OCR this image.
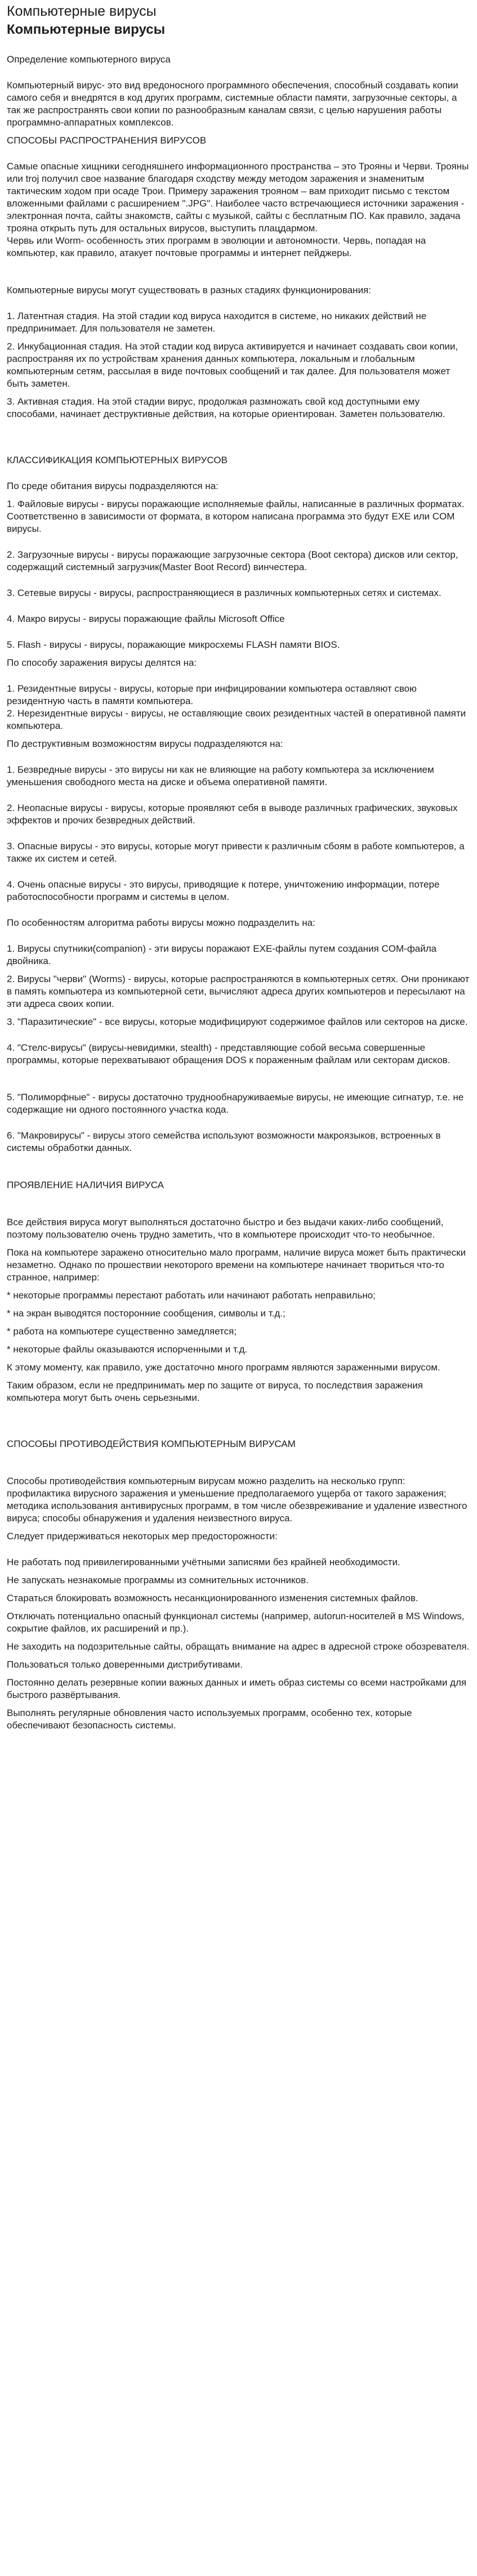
Компьютерные вирусы
Компьютерные вирусы

Определение компьютерного вируса

Компьютерный вирус- это вид вредоносного программного обеспечения, способный создавать копии самого себя и внедрятся в код других программ, системные области памяти, загрузочные секторы, а так же распространять свои копии по разнообразным каналам связи, с целью нарушения работы программно-аппаратных комплексов.

СПОСОБЫ РАСПРОСТРАНЕНИЯ ВИРУСОВ

Самые опасные хищники сегодняшнего информационного пространства – это Трояны и Черви. Трояны или troj получил свое название благодаря сходству между методом заражения и знаменитым тактическим ходом при осаде Трои. Примеру заражения трояном – вам приходит письмо с текстом вложенными файлами с расширением ".JPG". Наиболее часто встречающиеся источники заражения - электронная почта, сайты знакомств, сайты с музыкой, сайты с бесплатным ПО. Как правило, задача трояна открыть путь для остальных вирусов, выступить плацдармом.

Червь или Worm- особенность этих программ в эволюции и автономности. Червь, попадая на компьютер, как правило, атакует почтовые программы и интернет пейджеры.

Компьютерные вирусы могут существовать в разных стадиях функционирования:

1. Латентная стадия. На этой стадии код вируса находится в системе, но никаких действий не предпринимает. Для пользователя не заметен.

2. Инкубационная стадия. На этой стадии код вируса активируется и начинает создавать свои копии, распространяя их по устройствам хранения данных компьютера, локальным и глобальным компьютерным сетям, рассылая в виде почтовых сообщений и так далее. Для пользователя может быть заметен.

3. Активная стадия. На этой стадии вирус, продолжая размножать свой код доступными ему способами, начинает деструктивные действия, на которые ориентирован. Заметен пользователю.

КЛАССИФИКАЦИЯ КОМПЬЮТЕРНЫХ ВИРУСОВ

По среде обитания вирусы подразделяются на:

1. Файловые вирусы - вирусы поражающие исполняемые файлы, написанные в различных форматах. Соответственно в зависимости от формата, в котором написана программа это будут EXE или COM вирусы.

2. Загрузочные вирусы - вирусы поражающие загрузочные сектора (Boot сектора) дисков или сектор, содержащий системный загрузчик(Master Boot Record) винчестера.

3. Сетевые вирусы - вирусы, распространяющиеся в различных компьютерных сетях и системах.

4. Макро вирусы - вирусы поражающие файлы Microsoft Office

5. Flash - вирусы - вирусы, поражающие микросхемы FLASH памяти BIOS.

По способу заражения вирусы делятся на:

1. Резидентные вирусы - вирусы, которые при инфицировании компьютера оставляют свою резидентную часть в памяти компьютера.

2. Нерезидентные вирусы - вирусы, не оставляющие своих резидентных частей в оперативной памяти компьютера.

По деструктивным возможностям вирусы подразделяются на:

1. Безвредные вирусы - это вирусы ни как не влияющие на работу компьютера за исключением уменьшения свободного места на диске и объема оперативной памяти.

2. Неопасные вирусы - вирусы, которые проявляют себя в выводе различных графических, звуковых эффектов и прочих безвредных действий.

3. Опасные вирусы - это вирусы, которые могут привести к различным сбоям в работе компьютеров, а также их систем и сетей.

4. Очень опасные вирусы - это вирусы, приводящие к потере, уничтожению информации, потере работоспособности программ и системы в целом.

По особенностям алгоритма работы вирусы можно подразделить на:

1. Вирусы спутники(companion) - эти вирусы поражают EXE-файлы путем создания COM-файла двойника.

2. Вирусы "черви" (Worms) - вирусы, которые распространяются в компьютерных сетях. Они проникают в память компьютера из компьютерной сети, вычисляют адреса других компьютеров и пересылают на эти адреса своих копии.

3. "Паразитические" - все вирусы, которые модифицируют содержимое файлов или секторов на диске.

4. "Стелс-вирусы" (вирусы-невидимки, stealth) - представляющие собой весьма совершенные программы, которые перехватывают обращения DOS к пораженным файлам или секторам дисков.

5. "Полиморфные" - вирусы достаточно труднообнаруживаемые вирусы, не имеющие сигнатур, т.е. не содержащие ни одного постоянного участка кода.

6. "Макровирусы" - вирусы этого семейства используют возможности макроязыков, встроенных в системы обработки данных.

ПРОЯВЛЕНИЕ НАЛИЧИЯ ВИРУСА

Все действия вируса могут выполняться достаточно быстро и без выдачи каких-либо сообщений, поэтому пользователю очень трудно заметить, что в компьютере происходит что-то необычное.

Пока на компьютере заражено относительно мало программ, наличие вируса может быть практически незаметно. Однако по прошествии некоторого времени на компьютере начинает твориться что-то странное, например:

* некоторые программы перестают работать или начинают работать неправильно;

* на экран выводятся посторонние сообщения, символы и т.д.;

* работа на компьютере существенно замедляется;

* некоторые файлы оказываются испорченными и т.д.

К этому моменту, как правило, уже достаточно много программ являются зараженными вирусом.

Таким образом, если не предпринимать мер по защите от вируса, то последствия заражения компьютера могут быть очень серьезными.

СПОСОБЫ ПРОТИВОДЕЙСТВИЯ КОМПЬЮТЕРНЫМ ВИРУСАМ

Способы противодействия компьютерным вирусам можно разделить на несколько групп: профилактика вирусного заражения и уменьшение предполагаемого ущерба от такого заражения; методика использования антивирусных программ, в том числе обезвреживание и удаление известного вируса; способы обнаружения и удаления неизвестного вируса.

Следует придерживаться некоторых мер предосторожности:

Не работать под привилегированными учётными записями без крайней необходимости.

Не запускать незнакомые программы из сомнительных источников.

Стараться блокировать возможность несанкционированного изменения системных файлов.

Отключать потенциально опасный функционал системы (например, autorun-носителей в MS Windows, сокрытие файлов, их расширений и пр.).

Не заходить на подозрительные сайты, обращать внимание на адрес в адресной строке обозревателя.

Пользоваться только доверенными дистрибутивами.

Постоянно делать резервные копии важных данных и иметь образ системы со всеми настройками для быстрого развёртывания.

Выполнять регулярные обновления часто используемых программ, особенно тех, которые обеспечивают безопасность системы.
